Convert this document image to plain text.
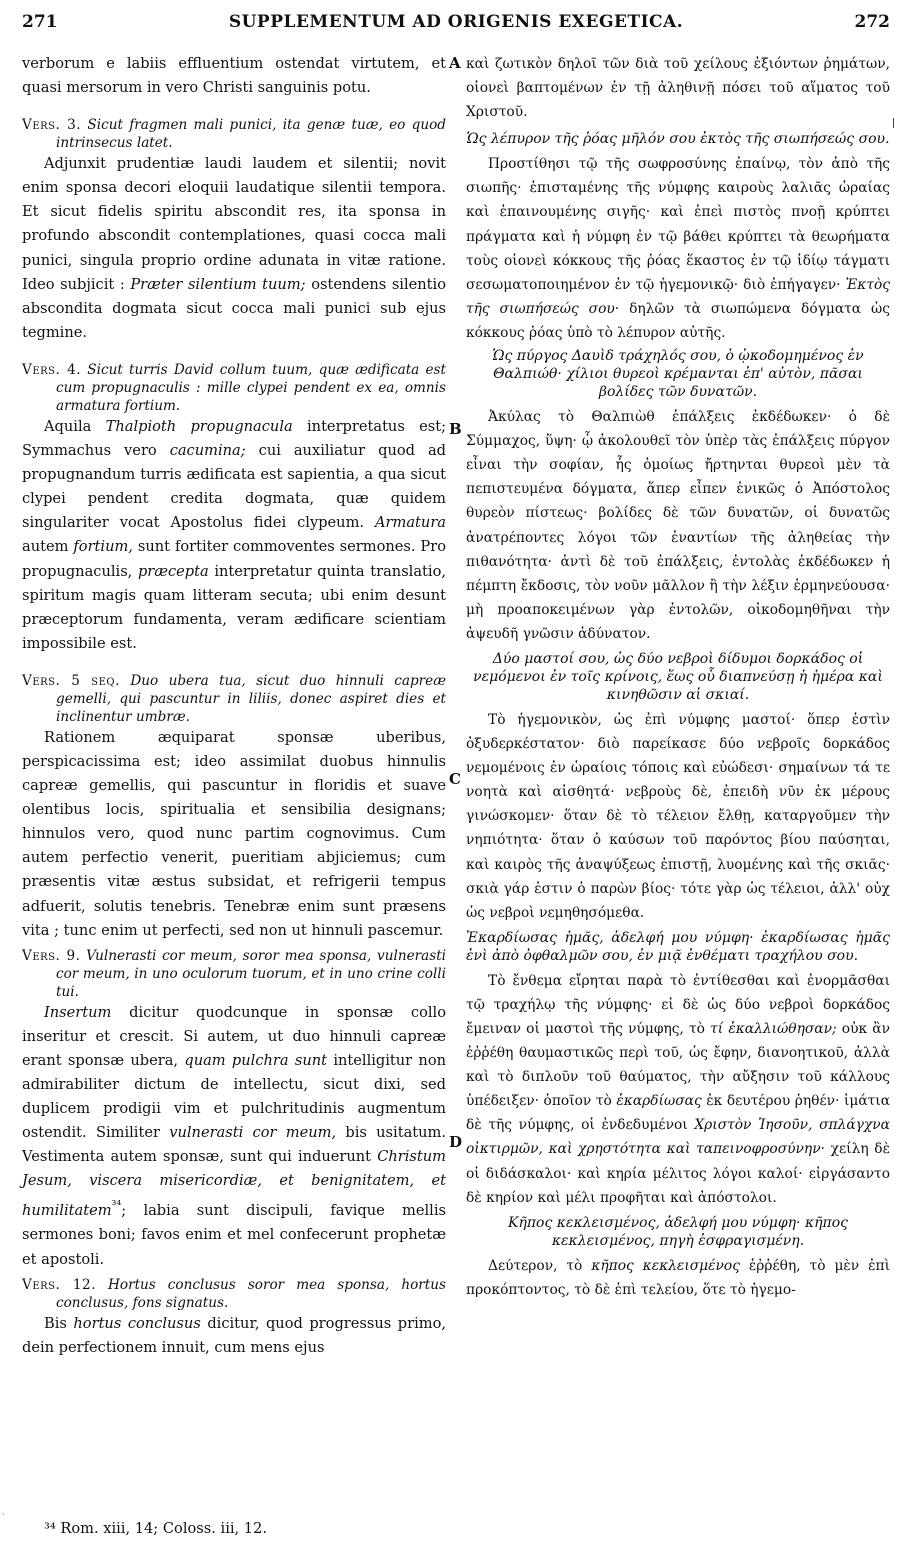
271	SUPPLEMENTUM AD ORIGENIS EXEGETICA.	272
A
B
C
D

verborum e labiis effluentium ostendat virtutem, et quasi mersorum in vero Christi sanguinis potu.

Vers. 3. Sicut fragmen mali punici, ita genæ tuæ, eo quod intrinsecus latet.

Adjunxit prudentiæ laudi laudem et silentii; novit enim sponsa decori eloquii laudatique silentii tempora. Et sicut fidelis spiritu abscondit res, ita sponsa in profundo abscondit contemplationes, quasi cocca mali punici, singula proprio ordine adunata in vitæ ratione. Ideo subjicit : Præter silentium tuum; ostendens silentio abscondita dogmata sicut cocca mali punici sub ejus tegmine.

Vers. 4. Sicut turris David collum tuum, quæ ædificata est cum propugnaculis : mille clypei pendent ex ea, omnis armatura fortium.

Aquila Thalpioth propugnacula interpretatus est; Symmachus vero cacumina; cui auxiliatur quod ad propugnandum turris ædificata est sapientia, a qua sicut clypei pendent credita dogmata, quæ quidem singulariter vocat Apostolus fidei clypeum. Armatura autem fortium, sunt fortiter commoventes sermones. Pro propugnaculis, præcepta interpretatur quinta translatio, spiritum magis quam litteram secuta; ubi enim desunt præceptorum fundamenta, veram ædificare scientiam impossibile est.

Vers. 5 seq. Duo ubera tua, sicut duo hinnuli capreæ gemelli, qui pascuntur in liliis, donec aspiret dies et inclinentur umbræ.

Rationem æquiparat sponsæ uberibus, perspicacissima est; ideo assimilat duobus hinnulis capreæ gemellis, qui pascuntur in floridis et suave olentibus locis, spiritualia et sensibilia designans; hinnulos vero, quod nunc partim cognovimus. Cum autem perfectio venerit, pueritiam abjiciemus; cum præsentis vitæ æstus subsidat, et refrigerii tempus adfuerit, solutis tenebris. Tenebræ enim sunt præsens vita ; tunc enim ut perfecti, sed non ut hinnuli pascemur.

Vers. 9. Vulnerasti cor meum, soror mea sponsa, vulnerasti cor meum, in uno oculorum tuorum, et in uno crine colli tui.

Insertum dicitur quodcunque in sponsæ collo inseritur et crescit. Si autem, ut duo hinnuli capreæ erant sponsæ ubera, quam pulchra sunt intelligitur non admirabiliter dictum de intellectu, sicut dixi, sed duplicem prodigii vim et pulchritudinis augmentum ostendit. Similiter vulnerasti cor meum, bis usitatum. Vestimenta autem sponsæ, sunt qui induerunt Christum Jesum, viscera misericordiæ, et benignitatem, et humilitatem$^{^{34}}$; labia sunt discipuli, favique mellis sermones boni; favos enim et mel confecerunt prophetæ et apostoli.

Vers. 12. Hortus conclusus soror mea sponsa, hortus conclusus, fons signatus.

Bis hortus conclusus dicitur, quod progressus primo, dein perfectionem innuit, cum mens ejus

καὶ ζωτικὸν δηλοῖ τῶν διὰ τοῦ χείλους ἐξιόντων ῥημάτων, οἱονεὶ βαπτομένων ἐν τῇ ἀληθινῇ πόσει τοῦ αἵματος τοῦ Χριστοῦ.

Ὡς λέπυρον τῆς ῥόας μῆλόν σου ἐκτὸς τῆς σιωπήσεώς σου.

Προστίθησι τῷ τῆς σωφροσύνης ἐπαίνῳ, τὸν ἀπὸ τῆς σιωπῆς· ἐπισταμένης τῆς νύμφης καιροὺς λαλιᾶς ὡραίας καὶ ἐπαινουμένης σιγῆς· καὶ ἐπεὶ πιστὸς πνοῇ κρύπτει πράγματα καὶ ἡ νύμφη ἐν τῷ βάθει κρύπτει τὰ θεωρήματα τοὺς οἱονεὶ κόκκους τῆς ῥόας ἕκαστος ἐν τῷ ἰδίῳ τάγματι σεσωματοποιημένον ἐν τῷ ἡγεμονικῷ· διὸ ἐπήγαγεν· Ἐκτὸς τῆς σιωπήσεώς σου· δηλῶν τὰ σιωπώμενα δόγματα ὡς κόκκους ῥόας ὑπὸ τὸ λέπυρον αὐτῆς.

Ὡς πύργος Δαυὶδ τράχηλός σου, ὁ ᾠκοδομημένος ἐν Θαλπιώθ· χίλιοι θυρεοὶ κρέμανται ἐπ' αὐτὸν, πᾶσαι βολίδες τῶν δυνατῶν.

Ἀκύλας τὸ Θαλπιὼθ ἐπάλξεις ἐκδέδωκεν· ὁ δὲ Σύμμαχος, ὕψη· ᾧ ἀκολουθεῖ τὸν ὑπὲρ τὰς ἐπάλξεις πύργον εἶναι τὴν σοφίαν, ἧς ὁμοίως ἤρτηνται θυρεοὶ μὲν τὰ πεπιστευμένα δόγματα, ἅπερ εἶπεν ἑνικῶς ὁ Ἀπόστολος θυρεὸν πίστεως· βολίδες δὲ τῶν δυνατῶν, οἱ δυνατῶς ἀνατρέποντες λόγοι τῶν ἐναντίων τῆς ἀληθείας τὴν πιθανότητα· ἀντὶ δὲ τοῦ ἐπάλξεις, ἐντολὰς ἐκδέδωκεν ἡ πέμπτη ἔκδοσις, τὸν νοῦν μᾶλλον ἢ τὴν λέξιν ἑρμηνεύουσα· μὴ προαποκειμένων γὰρ ἐντολῶν, οἰκοδομηθῆναι τὴν ἀψευδῆ γνῶσιν ἀδύνατον.

Δύο μαστοί σου, ὡς δύο νεβροὶ δίδυμοι δορκάδος οἱ νεμόμενοι ἐν τοῖς κρίνοις, ἕως οὗ διαπνεύσῃ ἡ ἡμέρα καὶ κινηθῶσιν αἱ σκιαί.

Τὸ ἡγεμονικὸν, ὡς ἐπὶ νύμφης μαστοί· ὅπερ ἐστὶν ὀξυδερκέστατον· διὸ παρείκασε δύο νεβροῖς δορκάδος νεμομένοις ἐν ὡραίοις τόποις καὶ εὐώδεσι· σημαίνων τά τε νοητὰ καὶ αἰσθητά· νεβροὺς δὲ, ἐπειδὴ νῦν ἐκ μέρους γινώσκομεν· ὅταν δὲ τὸ τέλειον ἔλθῃ, καταργοῦμεν τὴν νηπιότητα· ὅταν ὁ καύσων τοῦ παρόντος βίου παύσηται, καὶ καιρὸς τῆς ἀναψύξεως ἐπιστῇ, λυομένης καὶ τῆς σκιᾶς· σκιὰ γάρ ἐστιν ὁ παρὼν βίος· τότε γὰρ ὡς τέλειοι, ἀλλ' οὐχ ὡς νεβροὶ νεμηθησόμεθα.

Ἐκαρδίωσας ἡμᾶς, ἀδελφή μου νύμφη· ἐκαρδίωσας ἡμᾶς ἐνὶ ἀπὸ ὀφθαλμῶν σου, ἐν μιᾷ ἐνθέματι τραχήλου σου.

Τὸ ἔνθεμα εἴρηται παρὰ τὸ ἐντίθεσθαι καὶ ἐνορμᾶσθαι τῷ τραχήλῳ τῆς νύμφης· εἰ δὲ ὡς δύο νεβροὶ δορκάδος ἔμειναν οἱ μαστοὶ τῆς νύμφης, τὸ τί ἐκαλλιώθησαν; οὐκ ἂν ἐῤῥέθη θαυμαστικῶς περὶ τοῦ, ὡς ἔφην, διανοητικοῦ, ἀλλὰ καὶ τὸ διπλοῦν τοῦ θαύματος, τὴν αὔξησιν τοῦ κάλλους ὑπέδειξεν· ὁποῖον τὸ ἐκαρδίωσας ἐκ δευτέρου ῥηθέν· ἱμάτια δὲ τῆς νύμφης, οἱ ἐνδεδυμένοι Χριστὸν Ἰησοῦν, σπλάγχνα οἰκτιρμῶν, καὶ χρηστότητα καὶ ταπεινοφροσύνην· χείλη δὲ οἱ διδάσκαλοι· καὶ κηρία μέλιτος λόγοι καλοί· εἰργάσαντο δὲ κηρίον καὶ μέλι προφῆται καὶ ἀπόστολοι.

Κῆπος κεκλεισμένος, ἀδελφή μου νύμφη· κῆπος κεκλεισμένος, πηγὴ ἐσφραγισμένη.

Δεύτερον, τὸ κῆπος κεκλεισμένος ἐῤῥέθη, τὸ μὲν ἐπὶ προκόπτοντος, τὸ δὲ ἐπὶ τελείου, ὅτε τὸ ἡγεμο-

·
³⁴ Rom. xiii, 14; Coloss. iii, 12.
